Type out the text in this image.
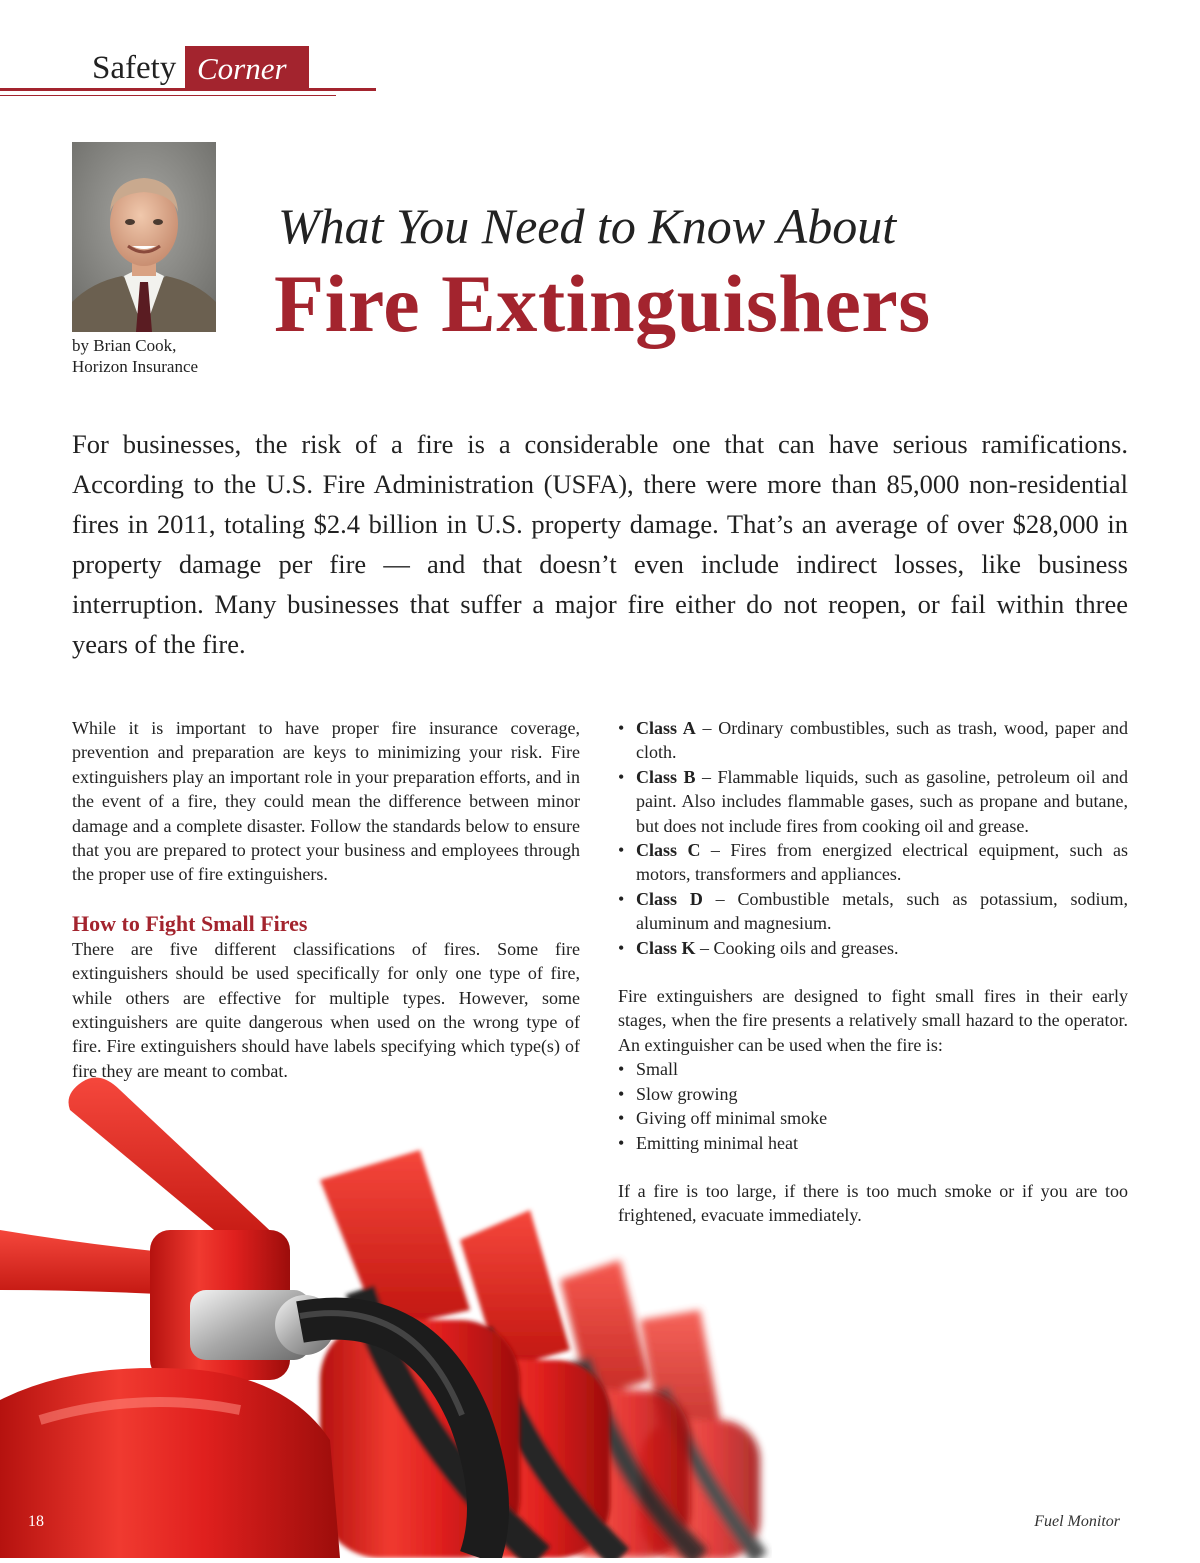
Safety Corner
by Brian Cook,
Horizon Insurance
What You Need to Know About
Fire Extinguishers
For businesses, the risk of a fire is a considerable one that can have serious ramifications. According to the U.S. Fire Administration (USFA), there were more than 85,000 non-residential fires in 2011, totaling $2.4 billion in U.S. property damage. That’s an average of over $28,000 in property damage per fire — and that doesn’t even include indirect losses, like business interruption. Many businesses that suffer a major fire either do not reopen, or fail within three years of the fire.

While it is important to have proper fire insurance coverage, prevention and preparation are keys to minimizing your risk. Fire extinguishers play an important role in your preparation efforts, and in the event of a fire, they could mean the difference between minor damage and a complete disaster. Follow the standards below to ensure that you are prepared to protect your business and employees through the proper use of fire extinguishers.

How to Fight Small Fires

There are five different classifications of fires. Some fire extinguishers should be used specifically for only one type of fire, while others are effective for multiple types. However, some extinguishers are quite dangerous when used on the wrong type of fire. Fire extinguishers should have labels specifying which type(s) of fire they are meant to combat.

• Class A – Ordinary combustibles, such as trash, wood, paper and cloth.
• Class B – Flammable liquids, such as gasoline, petroleum oil and paint. Also includes flammable gases, such as propane and butane, but does not include fires from cooking oil and grease.
• Class C – Fires from energized electrical equipment, such as motors, transformers and appliances.
• Class D – Combustible metals, such as potassium, sodium, aluminum and magnesium.
• Class K – Cooking oils and greases.

Fire extinguishers are designed to fight small fires in their early stages, when the fire presents a relatively small hazard to the operator. An extinguisher can be used when the fire is:

• Small
• Slow growing
• Giving off minimal smoke
• Emitting minimal heat

If a fire is too large, if there is too much smoke or if you are too frightened, evacuate immediately.

18	Fuel Monitor
